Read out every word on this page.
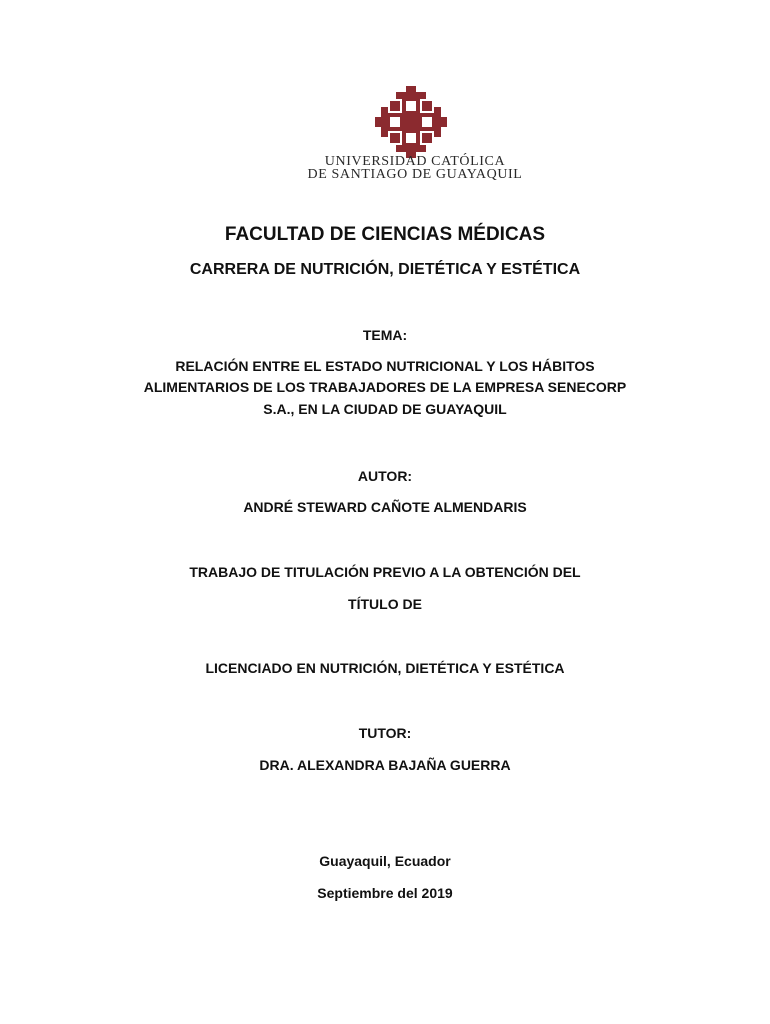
UNIVERSIDAD CATÓLICA
DE SANTIAGO DE GUAYAQUIL
FACULTAD DE CIENCIAS MÉDICAS
CARRERA DE NUTRICIÓN, DIETÉTICA Y ESTÉTICA
TEMA:
RELACIÓN ENTRE EL ESTADO NUTRICIONAL Y LOS HÁBITOS
ALIMENTARIOS DE LOS TRABAJADORES DE LA EMPRESA SENECORP
S.A., EN LA CIUDAD DE GUAYAQUIL
AUTOR:
ANDRÉ STEWARD CAÑOTE ALMENDARIS
TRABAJO DE TITULACIÓN PREVIO A LA OBTENCIÓN DEL
TÍTULO DE
LICENCIADO EN NUTRICIÓN, DIETÉTICA Y ESTÉTICA
TUTOR:
DRA. ALEXANDRA BAJAÑA GUERRA
Guayaquil, Ecuador
Septiembre del 2019
